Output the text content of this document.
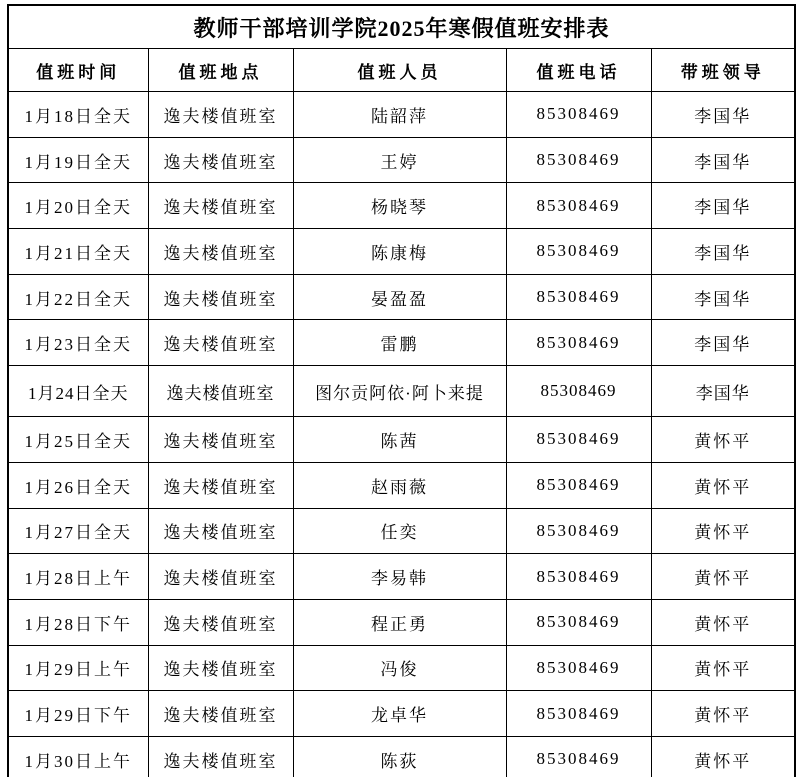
教师干部培训学院2025年寒假值班安排表				
值班时间	值班地点	值班人员	值班电话	带班领导
1月18日全天	逸夫楼值班室	陆韶萍	85308469	李国华
1月19日全天	逸夫楼值班室	王婷	85308469	李国华
1月20日全天	逸夫楼值班室	杨晓琴	85308469	李国华
1月21日全天	逸夫楼值班室	陈康梅	85308469	李国华
1月22日全天	逸夫楼值班室	晏盈盈	85308469	李国华
1月23日全天	逸夫楼值班室	雷鹏	85308469	李国华
1月24日全天	逸夫楼值班室	图尔贡阿依·阿卜来提	85308469	李国华
1月25日全天	逸夫楼值班室	陈茜	85308469	黄怀平
1月26日全天	逸夫楼值班室	赵雨薇	85308469	黄怀平
1月27日全天	逸夫楼值班室	任奕	85308469	黄怀平
1月28日上午	逸夫楼值班室	李易韩	85308469	黄怀平
1月28日下午	逸夫楼值班室	程正勇	85308469	黄怀平
1月29日上午	逸夫楼值班室	冯俊	85308469	黄怀平
1月29日下午	逸夫楼值班室	龙卓华	85308469	黄怀平
1月30日上午	逸夫楼值班室	陈荻	85308469	黄怀平
